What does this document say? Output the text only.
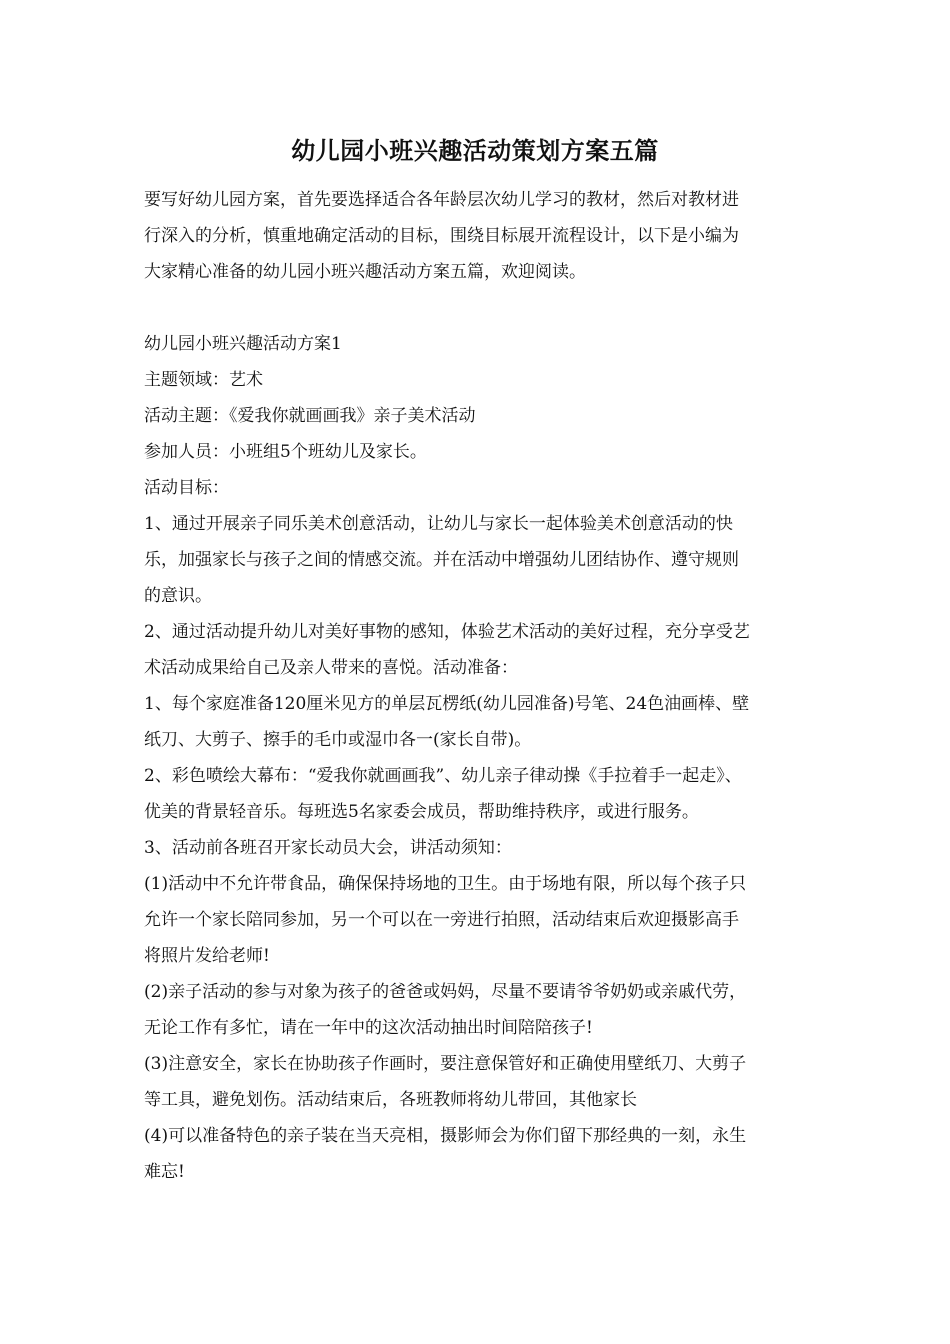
幼儿园小班兴趣活动策划方案五篇
要写好幼儿园方案，首先要选择适合各年龄层次幼儿学习的教材，然后对教材进
行深入的分析，慎重地确定活动的目标，围绕目标展开流程设计，以下是小编为
大家精心准备的幼儿园小班兴趣活动方案五篇，欢迎阅读。
幼儿园小班兴趣活动方案1
主题领域：艺术
活动主题：《爱我你就画画我》亲子美术活动
参加人员：小班组5个班幼儿及家长。
活动目标：
1、通过开展亲子同乐美术创意活动，让幼儿与家长一起体验美术创意活动的快
乐，加强家长与孩子之间的情感交流。并在活动中增强幼儿团结协作、遵守规则
的意识。
2、通过活动提升幼儿对美好事物的感知，体验艺术活动的美好过程，充分享受艺
术活动成果给自己及亲人带来的喜悦。活动准备：
1、每个家庭准备120厘米见方的单层瓦楞纸(幼儿园准备)号笔、24色油画棒、壁
纸刀、大剪子、擦手的毛巾或湿巾各一(家长自带)。
2、彩色喷绘大幕布：“爱我你就画画我”、幼儿亲子律动操《手拉着手一起走》、
优美的背景轻音乐。每班选5名家委会成员，帮助维持秩序，或进行服务。
3、活动前各班召开家长动员大会，讲活动须知：
(1)活动中不允许带食品，确保保持场地的卫生。由于场地有限，所以每个孩子只
允许一个家长陪同参加，另一个可以在一旁进行拍照，活动结束后欢迎摄影高手
将照片发给老师!
(2)亲子活动的参与对象为孩子的爸爸或妈妈，尽量不要请爷爷奶奶或亲戚代劳，
无论工作有多忙，请在一年中的这次活动抽出时间陪陪孩子!
(3)注意安全，家长在协助孩子作画时，要注意保管好和正确使用壁纸刀、大剪子
等工具，避免划伤。活动结束后，各班教师将幼儿带回，其他家长
(4)可以准备特色的亲子装在当天亮相，摄影师会为你们留下那经典的一刻，永生
难忘!
